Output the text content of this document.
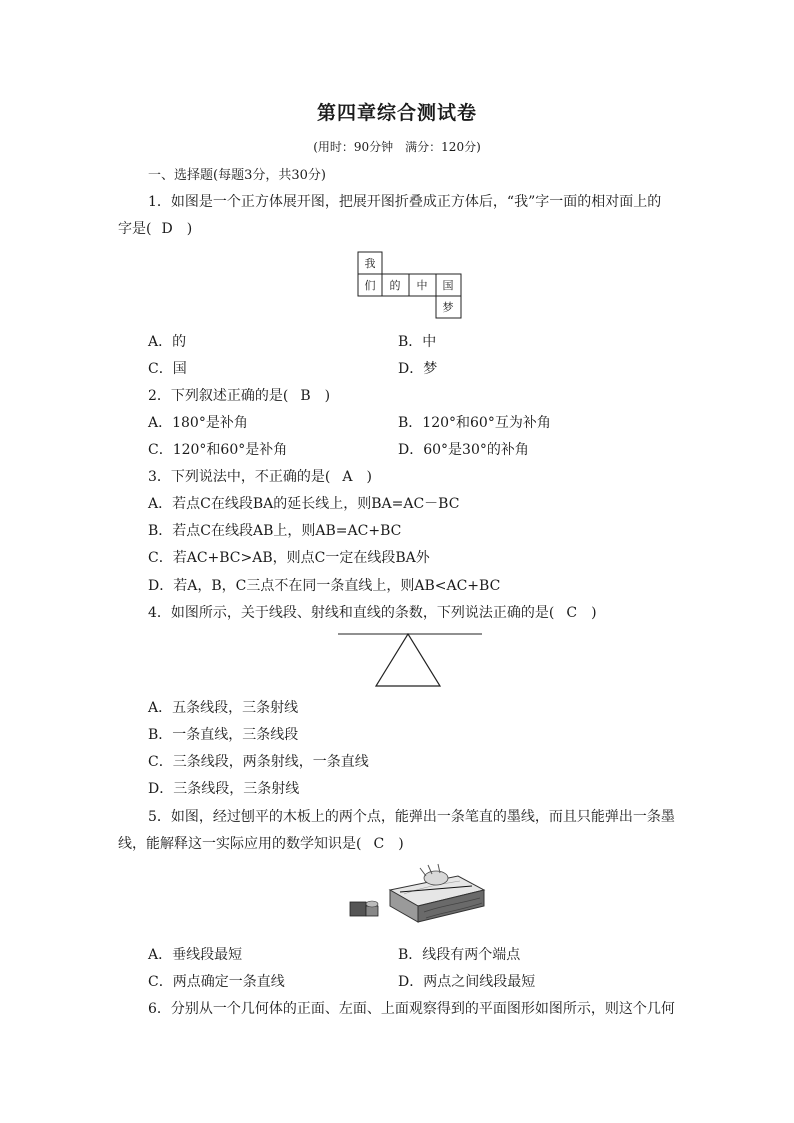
第四章综合测试卷
(用时：90分钟　满分：120分)
一、选择题(每题3分，共30分)
1．如图是一个正方体展开图，把展开图折叠成正方体后，“我”字一面的相对面上的
字是( D )
我
们 的 中 国
梦
A．的	B．中
C．国	D．梦
2．下列叙述正确的是( B )
A．180°是补角	B．120°和60°互为补角
C．120°和60°是补角	D．60°是30°的补角
3．下列说法中，不正确的是( A )
A．若点C在线段BA的延长线上，则BA=AC－BC
B．若点C在线段AB上，则AB=AC+BC
C．若AC+BC>AB，则点C一定在线段BA外
D．若A，B，C三点不在同一条直线上，则AB<AC+BC
4．如图所示，关于线段、射线和直线的条数，下列说法正确的是( C )
A．五条线段，三条射线
B．一条直线，三条线段
C．三条线段，两条射线，一条直线
D．三条线段，三条射线
5．如图，经过刨平的木板上的两个点，能弹出一条笔直的墨线，而且只能弹出一条墨
线，能解释这一实际应用的数学知识是( C )
A．垂线段最短	B．线段有两个端点
C．两点确定一条直线	D．两点之间线段最短
6．分别从一个几何体的正面、左面、上面观察得到的平面图形如图所示，则这个几何
